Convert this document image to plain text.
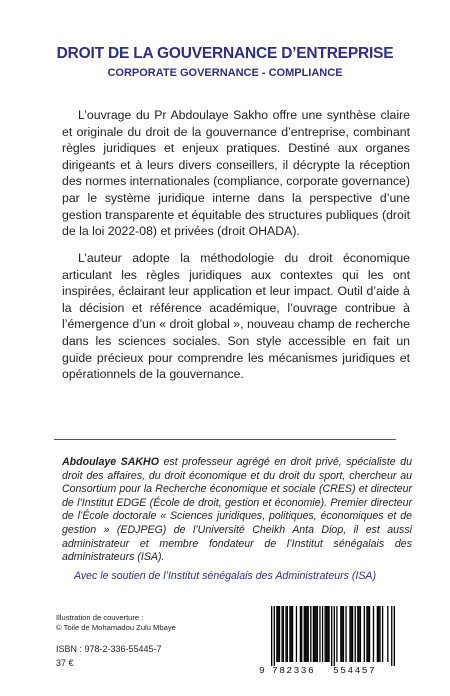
DROIT DE LA GOUVERNANCE D’ENTREPRISE
CORPORATE GOVERNANCE - COMPLIANCE

L’ouvrage du Pr Abdoulaye Sakho offre une synthèse claire et originale du droit de la gouvernance d’entreprise, combinant règles juridiques et enjeux pratiques. Destiné aux organes dirigeants et à leurs divers conseillers, il décrypte la réception des normes internationales (compliance, corporate governance) par le système juridique interne dans la perspective d’une gestion transparente et équitable des structures publiques (droit de la loi 2022-08) et privées (droit OHADA).

L’auteur adopte la méthodologie du droit économique articulant les règles juridiques aux contextes qui les ont inspirées, éclairant leur application et leur impact. Outil d’aide à la décision et référence académique, l’ouvrage contribue à l’émergence d’un « droit global », nouveau champ de recherche dans les sciences sociales. Son style accessible en fait un guide précieux pour comprendre les mécanismes juridiques et opérationnels de la gouvernance.

Abdoulaye SAKHO est professeur agrégé en droit privé, spécialiste du droit des affaires, du droit économique et du droit du sport, chercheur au Consortium pour la Recherche économique et sociale (CRES) et directeur de l’Institut EDGE (École de droit, gestion et économie). Premier directeur de l’École doctorale « Sciences juridiques, politiques, économiques et de gestion » (EDJPEG) de l’Université Cheikh Anta Diop, il est aussi administrateur et membre fondateur de l’Institut sénégalais des administrateurs (ISA).

Avec le soutien de l’Institut sénégalais des Administrateurs (ISA)
Illustration de couverture :
© Toile de Mohamadou Zulu Mbaye
ISBN : 978-2-336-55445-7
37 €
9 782336 554457
